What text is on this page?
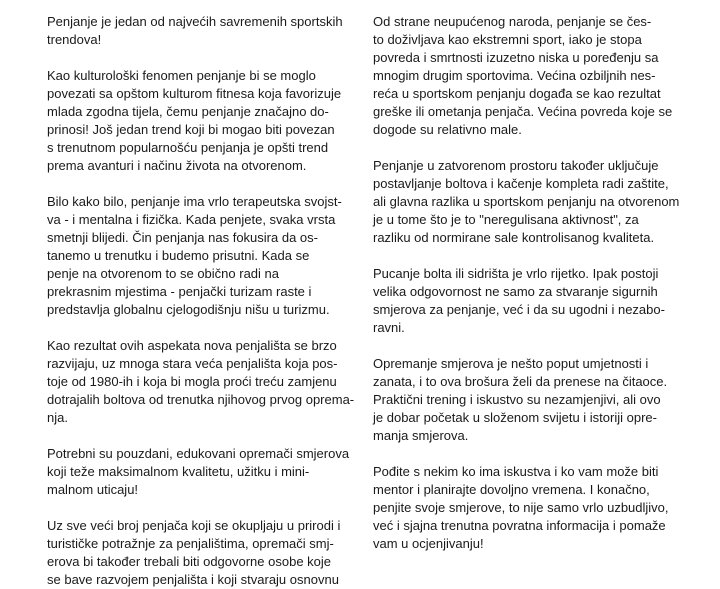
Penjanje je jedan od najvećih savremenih sportskih
trendova!

Kao kulturološki fenomen penjanje bi se moglo
povezati sa opštom kulturom fitnesa koja favorizuje
mlada zgodna tijela, čemu penjanje značajno do-
prinosi! Još jedan trend koji bi mogao biti povezan
s trenutnom popularnošću penjanja je opšti trend
prema avanturi i načinu života na otvorenom.

Bilo kako bilo, penjanje ima vrlo terapeutska svojst-
va - i mentalna i fizička. Kada penjete, svaka vrsta
smetnji blijedi. Čin penjanja nas fokusira da os-
tanemo u trenutku i budemo prisutni. Kada se
penje na otvorenom to se obično radi na
prekrasnim mjestima - penjački turizam raste i
predstavlja globalnu cjelogodišnju nišu u turizmu.

Kao rezultat ovih aspekata nova penjališta se brzo
razvijaju, uz mnoga stara veća penjališta koja pos-
toje od 1980-ih i koja bi mogla proći treću zamjenu
dotrajalih boltova od trenutka njihovog prvog oprema-
nja.

Potrebni su pouzdani, edukovani opremači smjerova
koji teže maksimalnom kvalitetu, užitku i mini-
malnom uticaju!

Uz sve veći broj penjača koji se okupljaju u prirodi i
turističke potražnje za penjalištima, opremači smj-
erova bi također trebali biti odgovorne osobe koje
se bave razvojem penjališta i koji stvaraju osnovnu

Od strane neupućenog naroda, penjanje se čes-
to doživljava kao ekstremni sport, iako je stopa
povreda i smrtnosti izuzetno niska u poređenju sa
mnogim drugim sportovima. Većina ozbiljnih nes-
reća u sportskom penjanju događa se kao rezultat
greške ili ometanja penjača. Većina povreda koje se
dogode su relativno male.

Penjanje u zatvorenom prostoru također uključuje
postavljanje boltova i kačenje kompleta radi zaštite,
ali glavna razlika u sportskom penjanju na otvorenom
je u tome što je to "neregulisana aktivnost", za
razliku od normirane sale kontrolisanog kvaliteta.

Pucanje bolta ili sidrišta je vrlo rijetko. Ipak postoji
velika odgovornost ne samo za stvaranje sigurnih
smjerova za penjanje, već i da su ugodni i nezabo-
ravni.

Opremanje smjerova je nešto poput umjetnosti i
zanata, i to ova brošura želi da prenese na čitaoce.
Praktični trening i iskustvo su nezamjenjivi, ali ovo
je dobar početak u složenom svijetu i istoriji opre-
manja smjerova.

Pođite s nekim ko ima iskustva i ko vam može biti
mentor i planirajte dovoljno vremena. I konačno,
penjite svoje smjerove, to nije samo vrlo uzbudljivo,
već i sjajna trenutna povratna informacija i pomaže
vam u ocjenjivanju!
